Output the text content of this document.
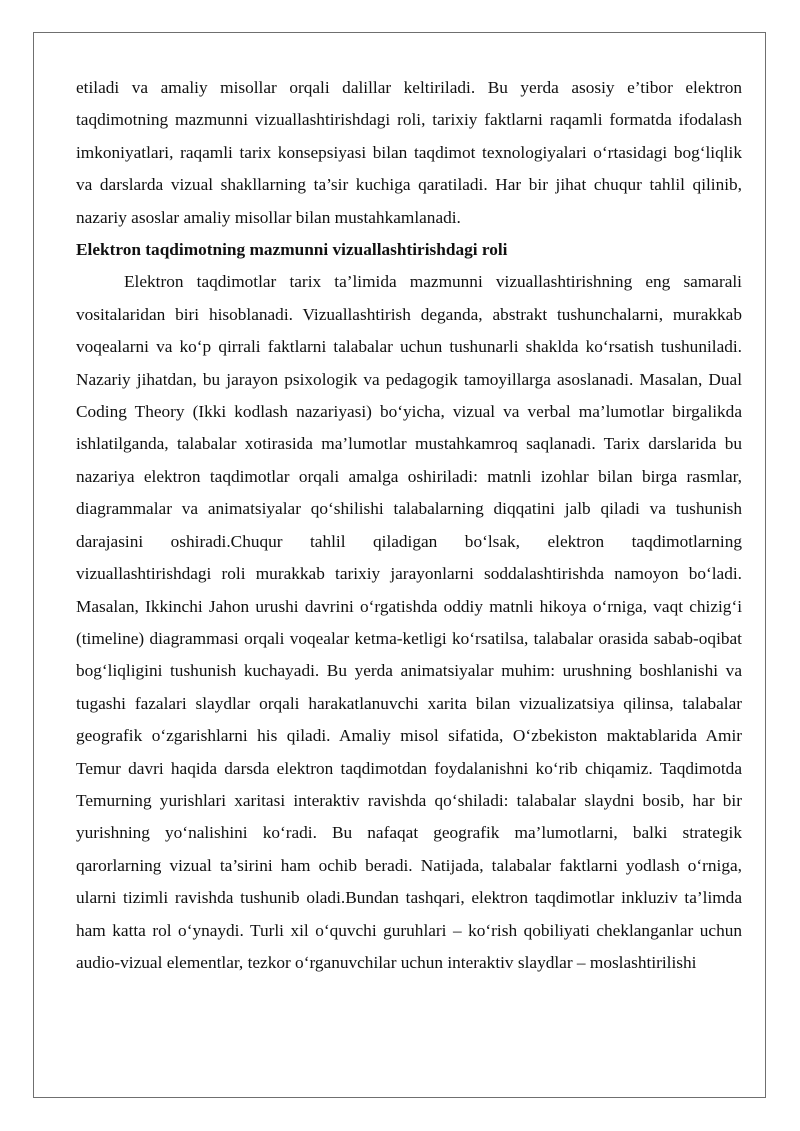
etiladi va amaliy misollar orqali dalillar keltiriladi. Bu yerda asosiy e’tibor elektron taqdimotning mazmunni vizuallashtirishdagi roli, tarixiy faktlarni raqamli formatda ifodalash imkoniyatlari, raqamli tarix konsepsiyasi bilan taqdimot texnologiyalari o‘rtasidagi bog‘liqlik va darslarda vizual shakllarning ta’sir kuchiga qaratiladi. Har bir jihat chuqur tahlil qilinib, nazariy asoslar amaliy misollar bilan mustahkamlanadi.

Elektron taqdimotning mazmunni vizuallashtirishdagi roli

Elektron taqdimotlar tarix ta’limida mazmunni vizuallashtirishning eng samarali vositalaridan biri hisoblanadi. Vizuallashtirish deganda, abstrakt tushunchalarni, murakkab voqealarni va ko‘p qirrali faktlarni talabalar uchun tushunarli shaklda ko‘rsatish tushuniladi. Nazariy jihatdan, bu jarayon psixologik va pedagogik tamoyillarga asoslanadi. Masalan, Dual Coding Theory (Ikki kodlash nazariyasi) bo‘yicha, vizual va verbal ma’lumotlar birgalikda ishlatilganda, talabalar xotirasida ma’lumotlar mustahkamroq saqlanadi. Tarix darslarida bu nazariya elektron taqdimotlar orqali amalga oshiriladi: matnli izohlar bilan birga rasmlar, diagrammalar va animatsiyalar qo‘shilishi talabalarning diqqatini jalb qiladi va tushunish darajasini oshiradi.Chuqur tahlil qiladigan bo‘lsak, elektron taqdimotlarning vizuallashtirishdagi roli murakkab tarixiy jarayonlarni soddalashtirishda namoyon bo‘ladi. Masalan, Ikkinchi Jahon urushi davrini o‘rgatishda oddiy matnli hikoya o‘rniga, vaqt chizig‘i (timeline) diagrammasi orqali voqealar ketma-ketligi ko‘rsatilsa, talabalar orasida sabab-oqibat bog‘liqligini tushunish kuchayadi. Bu yerda animatsiyalar muhim: urushning boshlanishi va tugashi fazalari slaydlar orqali harakatlanuvchi xarita bilan vizualizatsiya qilinsa, talabalar geografik o‘zgarishlarni his qiladi. Amaliy misol sifatida, O‘zbekiston maktablarida Amir Temur davri haqida darsda elektron taqdimotdan foydalanishni ko‘rib chiqamiz. Taqdimotda Temurning yurishlari xaritasi interaktiv ravishda qo‘shiladi: talabalar slaydni bosib, har bir yurishning yo‘nalishini ko‘radi. Bu nafaqat geografik ma’lumotlarni, balki strategik qarorlarning vizual ta’sirini ham ochib beradi. Natijada, talabalar faktlarni yodlash o‘rniga, ularni tizimli ravishda tushunib oladi.Bundan tashqari, elektron taqdimotlar inkluziv ta’limda ham katta rol o‘ynaydi. Turli xil o‘quvchi guruhlari – ko‘rish qobiliyati cheklanganlar uchun audio-vizual elementlar, tezkor o‘rganuvchilar uchun interaktiv slaydlar – moslashtirilishi
